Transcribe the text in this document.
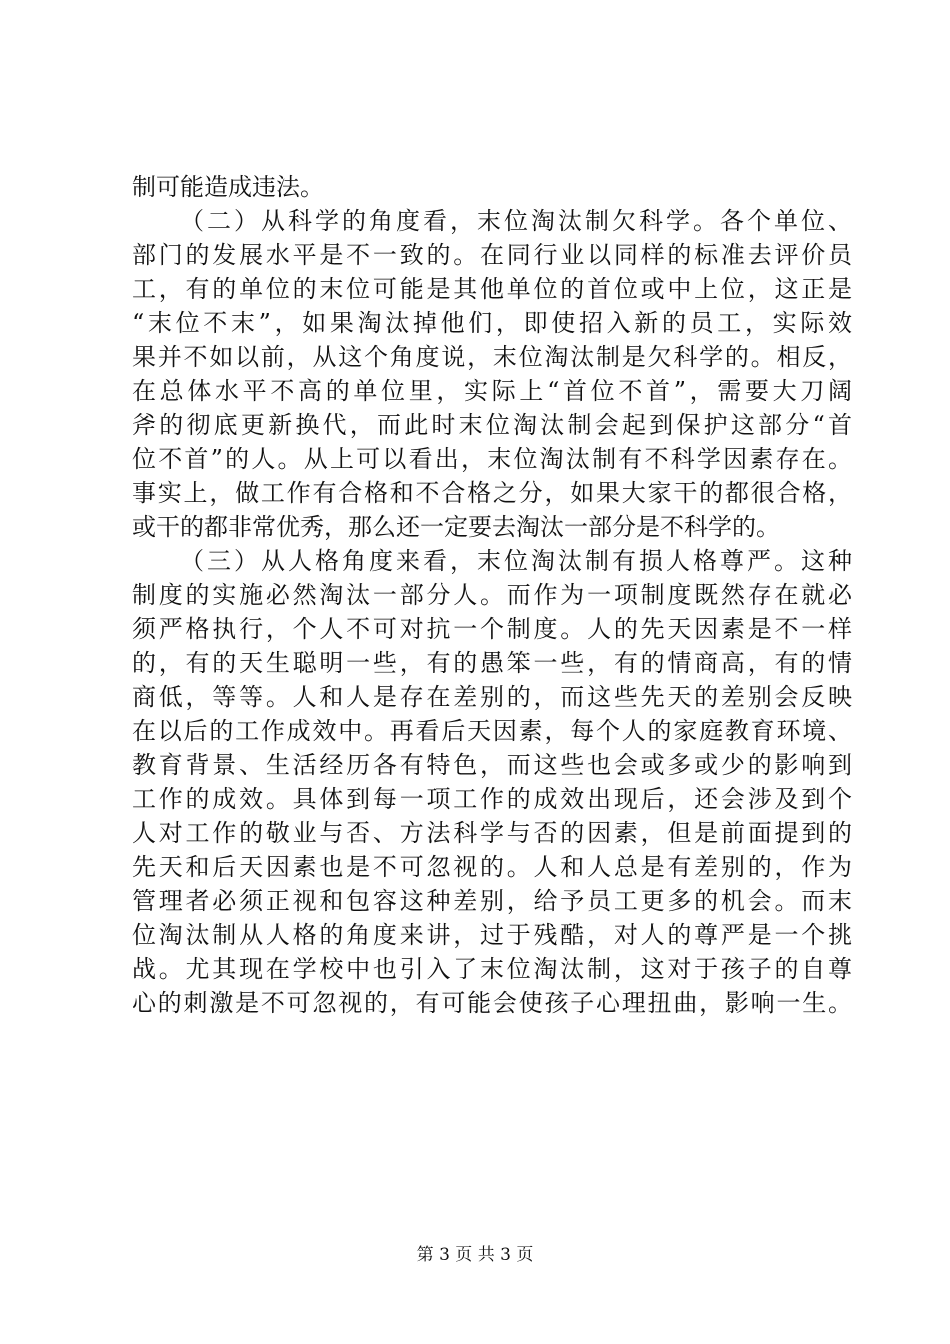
制可能造成违法。
（二）从科学的角度看，末位淘汰制欠科学。各个单位、
部门的发展水平是不一致的。在同行业以同样的标准去评价员
工，有的单位的末位可能是其他单位的首位或中上位，这正是
“末位不末”，如果淘汰掉他们，即使招入新的员工，实际效
果并不如以前，从这个角度说，末位淘汰制是欠科学的。相反，
在总体水平不高的单位里，实际上“首位不首”，需要大刀阔
斧的彻底更新换代，而此时末位淘汰制会起到保护这部分“首
位不首”的人。从上可以看出，末位淘汰制有不科学因素存在。
事实上，做工作有合格和不合格之分，如果大家干的都很合格，
或干的都非常优秀，那么还一定要去淘汰一部分是不科学的。
（三）从人格角度来看，末位淘汰制有损人格尊严。这种
制度的实施必然淘汰一部分人。而作为一项制度既然存在就必
须严格执行，个人不可对抗一个制度。人的先天因素是不一样
的，有的天生聪明一些，有的愚笨一些，有的情商高，有的情
商低，等等。人和人是存在差别的，而这些先天的差别会反映
在以后的工作成效中。再看后天因素，每个人的家庭教育环境、
教育背景、生活经历各有特色，而这些也会或多或少的影响到
工作的成效。具体到每一项工作的成效出现后，还会涉及到个
人对工作的敬业与否、方法科学与否的因素，但是前面提到的
先天和后天因素也是不可忽视的。人和人总是有差别的，作为
管理者必须正视和包容这种差别，给予员工更多的机会。而末
位淘汰制从人格的角度来讲，过于残酷，对人的尊严是一个挑
战。尤其现在学校中也引入了末位淘汰制，这对于孩子的自尊
心的刺激是不可忽视的，有可能会使孩子心理扭曲，影响一生。
第 3 页 共 3 页
